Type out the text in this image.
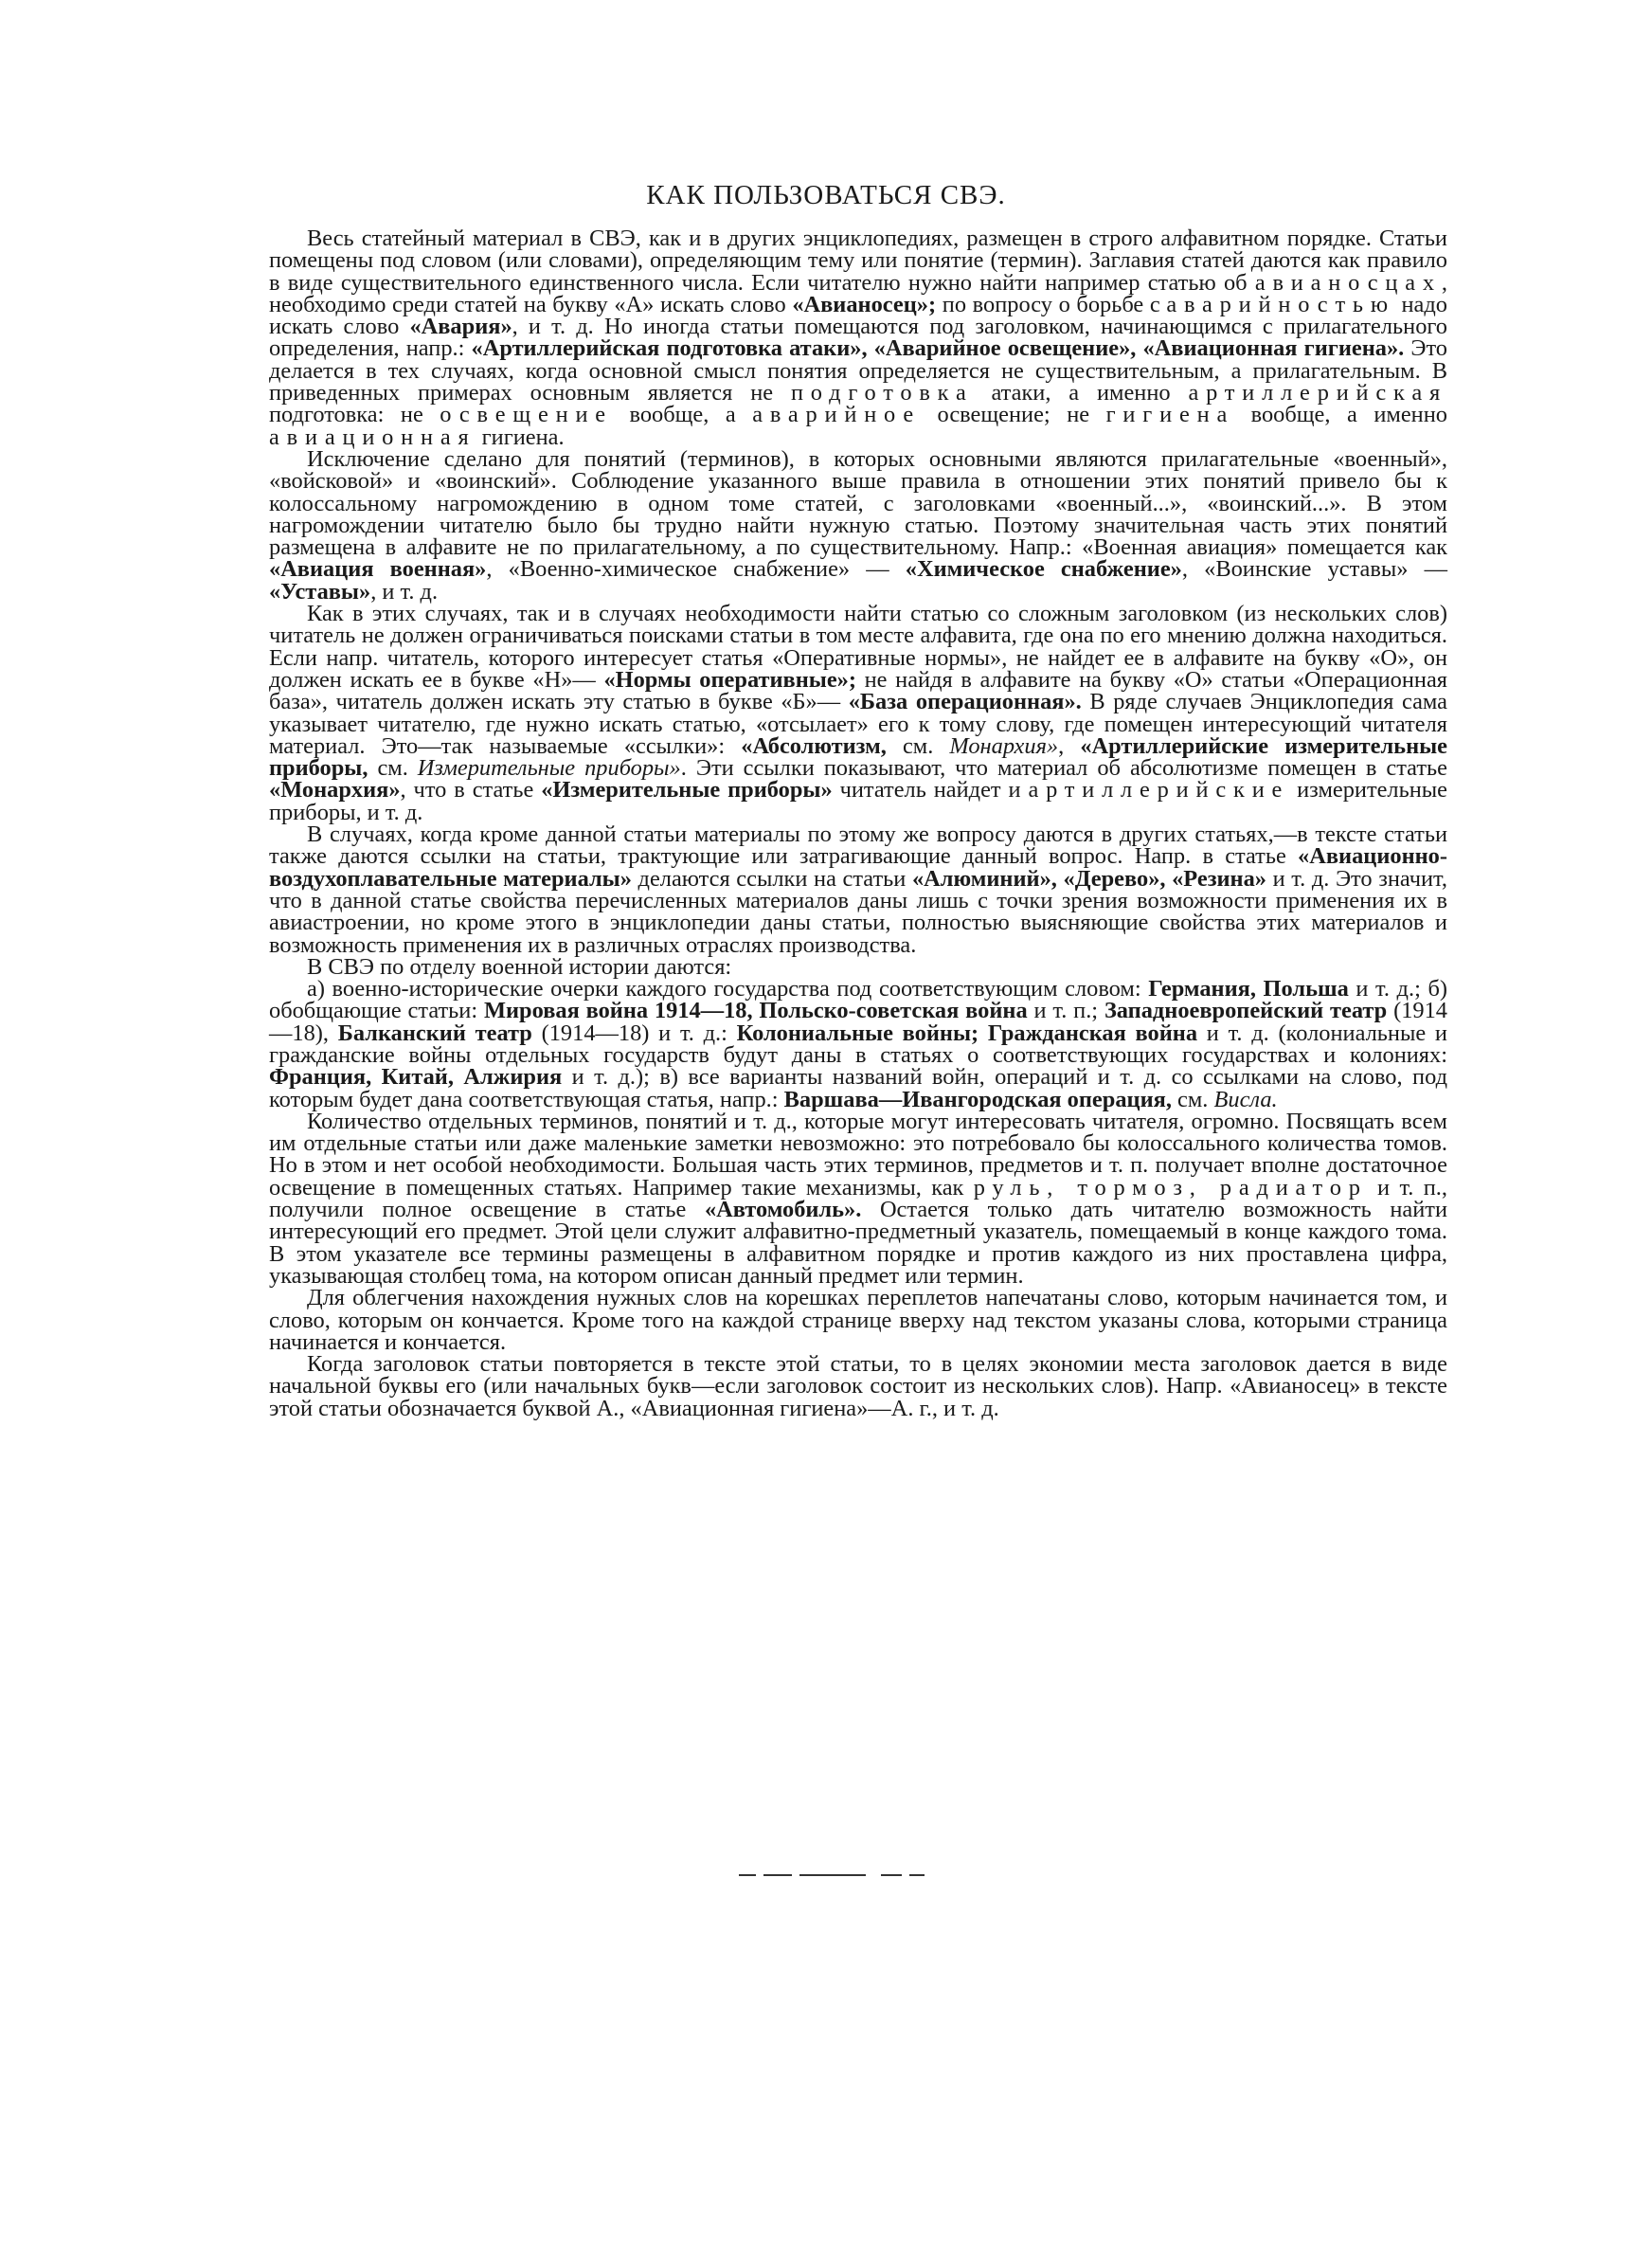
КАК ПОЛЬЗОВАТЬСЯ СВЭ.

Весь статейный материал в СВЭ, как и в других энциклопедиях, размещен в строго алфавитном порядке. Статьи помещены под словом (или словами), определяющим тему или понятие (термин). Заглавия статей даются как правило в виде существительного единственного числа. Если читателю нужно найти например статью об авианосцах, необходимо среди статей на букву «А» искать слово «Авианосец»; по вопросу о борьбе с аварийностью надо искать слово «Авария», и т. д. Но иногда статьи помещаются под заголовком, начинающимся с прилагательного определения, напр.: «Артиллерийская подготовка атаки», «Аварийное освещение», «Авиационная гигиена». Это делается в тех случаях, когда основной смысл понятия определяется не существительным, а прилагательным. В приведенных примерах основным является не подготовка атаки, а именно артиллерийская подготовка: не освещение вообще, а аварийное освещение; не гигиена вообще, а именно авиационная гигиена.

Исключение сделано для понятий (терминов), в которых основными являются прилагательные «военный», «войсковой» и «воинский». Соблюдение указанного выше правила в отношении этих понятий привело бы к колоссальному нагромождению в одном томе статей, с заголовками «военный...», «воинский...». В этом нагромождении читателю было бы трудно найти нужную статью. Поэтому значительная часть этих понятий размещена в алфавите не по прилагательному, а по существительному. Напр.: «Военная авиация» помещается как «Авиация военная», «Военно-химическое снабжение» — «Химическое снабжение», «Воинские уставы» — «Уставы», и т. д.

Как в этих случаях, так и в случаях необходимости найти статью со сложным заголовком (из нескольких слов) читатель не должен ограничиваться поисками статьи в том месте алфавита, где она по его мнению должна находиться. Если напр. читатель, которого интересует статья «Оперативные нормы», не найдет ее в алфавите на букву «О», он должен искать ее в букве «Н»— «Нормы оперативные»; не найдя в алфавите на букву «О» статьи «Операционная база», читатель должен искать эту статью в букве «Б»— «База операционная». В ряде случаев Энциклопедия сама указывает читателю, где нужно искать статью, «отсылает» его к тому слову, где помещен интересующий читателя материал. Это—так называемые «ссылки»: «Абсолютизм, см. Монархия», «Артиллерийские измерительные приборы, см. Измерительные приборы». Эти ссылки показывают, что материал об абсолютизме помещен в статье «Монархия», что в статье «Измерительные приборы» читатель найдет и артиллерийские измерительные приборы, и т. д.

В случаях, когда кроме данной статьи материалы по этому же вопросу даются в других статьях,—в тексте статьи также даются ссылки на статьи, трактующие или затрагивающие данный вопрос. Напр. в статье «Авиационно-воздухоплавательные материалы» делаются ссылки на статьи «Алюминий», «Дерево», «Резина» и т. д. Это значит, что в данной статье свойства перечисленных материалов даны лишь с точки зрения возможности применения их в авиастроении, но кроме этого в энциклопедии даны статьи, полностью выясняющие свойства этих материалов и возможность применения их в различных отраслях производства.

В СВЭ по отделу военной истории даются:

а) военно-исторические очерки каждого государства под соответствующим словом: Германия, Польша и т. д.; б) обобщающие статьи: Мировая война 1914—18, Польско-советская война и т. п.; Западноевропейский театр (1914—18), Балканский театр (1914—18) и т. д.: Колониальные войны; Гражданская война и т. д. (колониальные и гражданские войны отдельных государств будут даны в статьях о соответствующих государствах и колониях: Франция, Китай, Алжирия и т. д.); в) все варианты названий войн, операций и т. д. со ссылками на слово, под которым будет дана соответствующая статья, напр.: Варшава—Ивангородская операция, см. Висла.

Количество отдельных терминов, понятий и т. д., которые могут интересовать читателя, огромно. Посвящать всем им отдельные статьи или даже маленькие заметки невозможно: это потребовало бы колоссального количества томов. Но в этом и нет особой необходимости. Большая часть этих терминов, предметов и т. п. получает вполне достаточное освещение в помещенных статьях. Например такие механизмы, как руль, тормоз, радиатор и т. п., получили полное освещение в статье «Автомобиль». Остается только дать читателю возможность найти интересующий его предмет. Этой цели служит алфавитно-предметный указатель, помещаемый в конце каждого тома. В этом указателе все термины размещены в алфавитном порядке и против каждого из них проставлена цифра, указывающая столбец тома, на котором описан данный предмет или термин.

Для облегчения нахождения нужных слов на корешках переплетов напечатаны слово, которым начинается том, и слово, которым он кончается. Кроме того на каждой странице вверху над текстом указаны слова, которыми страница начинается и кончается.

Когда заголовок статьи повторяется в тексте этой статьи, то в целях экономии места заголовок дается в виде начальной буквы его (или начальных букв—если заголовок состоит из нескольких слов). Напр. «Авианосец» в тексте этой статьи обозначается буквой А., «Авиационная гигиена»—А. г., и т. д.
